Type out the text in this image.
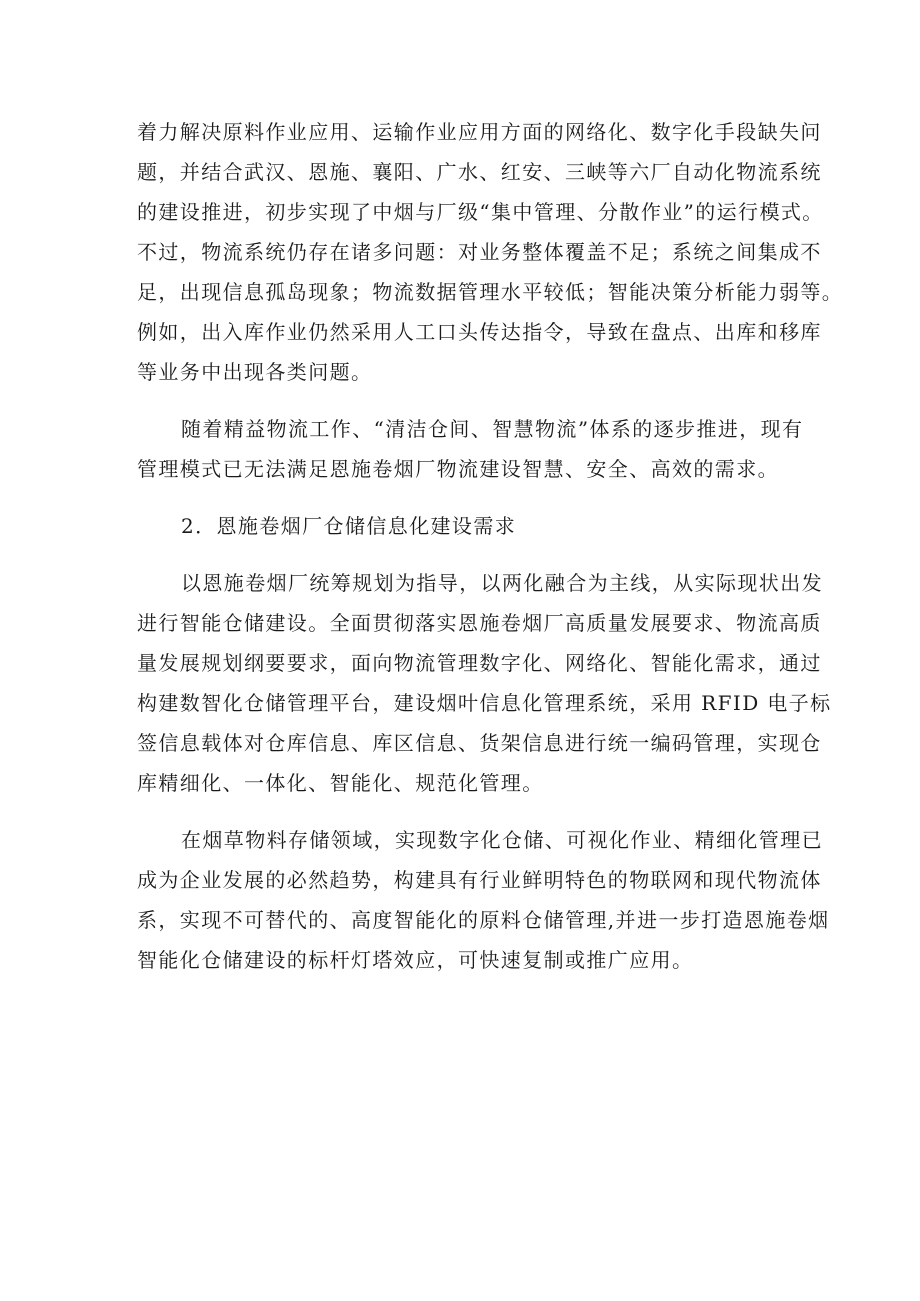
着力解决原料作业应用、运输作业应用方面的网络化、数字化手段缺失问
题，并结合武汉、恩施、襄阳、广水、红安、三峡等六厂自动化物流系统
的建设推进，初步实现了中烟与厂级“集中管理、分散作业”的运行模式。
不过，物流系统仍存在诸多问题：对业务整体覆盖不足；系统之间集成不
足，出现信息孤岛现象；物流数据管理水平较低；智能决策分析能力弱等。
例如，出入库作业仍然采用人工口头传达指令，导致在盘点、出库和移库
等业务中出现各类问题。
随着精益物流工作、“清洁仓间、智慧物流”体系的逐步推进，现有
管理模式已无法满足恩施卷烟厂物流建设智慧、安全、高效的需求。
2．恩施卷烟厂仓储信息化建设需求
以恩施卷烟厂统筹规划为指导，以两化融合为主线，从实际现状出发
进行智能仓储建设。全面贯彻落实恩施卷烟厂高质量发展要求、物流高质
量发展规划纲要要求，面向物流管理数字化、网络化、智能化需求，通过
构建数智化仓储管理平台，建设烟叶信息化管理系统，采用 RFID 电子标
签信息载体对仓库信息、库区信息、货架信息进行统一编码管理，实现仓
库精细化、一体化、智能化、规范化管理。
在烟草物料存储领域，实现数字化仓储、可视化作业、精细化管理已
成为企业发展的必然趋势，构建具有行业鲜明特色的物联网和现代物流体
系，实现不可替代的、高度智能化的原料仓储管理,并进一步打造恩施卷烟
智能化仓储建设的标杆灯塔效应，可快速复制或推广应用。
